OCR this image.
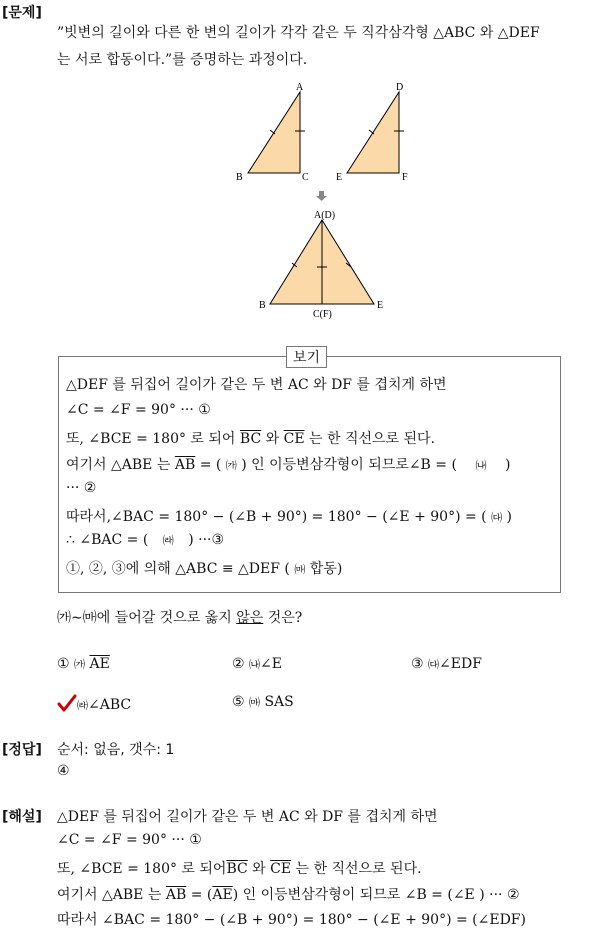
[문제]
”빗변의 길이와 다른 한 변의 길이가 각각 같은 두 직각삼각형 △ABC 와 △DEF
는 서로 합동이다.”를 증명하는 과정이다.
A
B	C
D
E	F
A(D)
B
C(F)
E
보기
△DEF 를 뒤집어 길이가 같은 두 변 AC 와 DF 를 겹치게 하면
∠C = ∠F = 90° ··· ①
또, ∠BCE = 180° 로 되어 $\overline{BC}$ 와 $\overline{CE}$ 는 한 직선으로 된다.
여기서 △ABE 는 $\overline{AB}$ = ( ㈎ ) 인 이등변삼각형이 되므로∠B = ( ㈏ )
··· ②
따라서,∠BAC = 180° − (∠B + 90°) = 180° − (∠E + 90°) = ( ㈐ )
∴ ∠BAC = ( ㈑ ) ···③
①, ②, ③에 의해 △ABC ≡ △DEF ( ㈒ 합동)
㈎∼㈒에 들어갈 것으로 옳지 않은 것은?
① ㈎ $\overline{AE}$	② ㈏∠E	③ ㈐∠EDF
㈑∠ABC	⑤ ㈒ SAS
[정답] 순서: 없음, 갯수: 1
④
[해설] △DEF 를 뒤집어 길이가 같은 두 변 AC 와 DF 를 겹치게 하면
∠C = ∠F = 90° ··· ①
또, ∠BCE = 180° 로 되어$\overline{BC}$ 와 $\overline{CE}$ 는 한 직선으로 된다.
여기서 △ABE 는 $\overline{AB} = (\overline{AE})$ 인 이등변삼각형이 되므로 ∠B = (∠E ) ··· ②
따라서 ∠BAC = 180° − (∠B + 90°) = 180° − (∠E + 90°) = (∠EDF)
